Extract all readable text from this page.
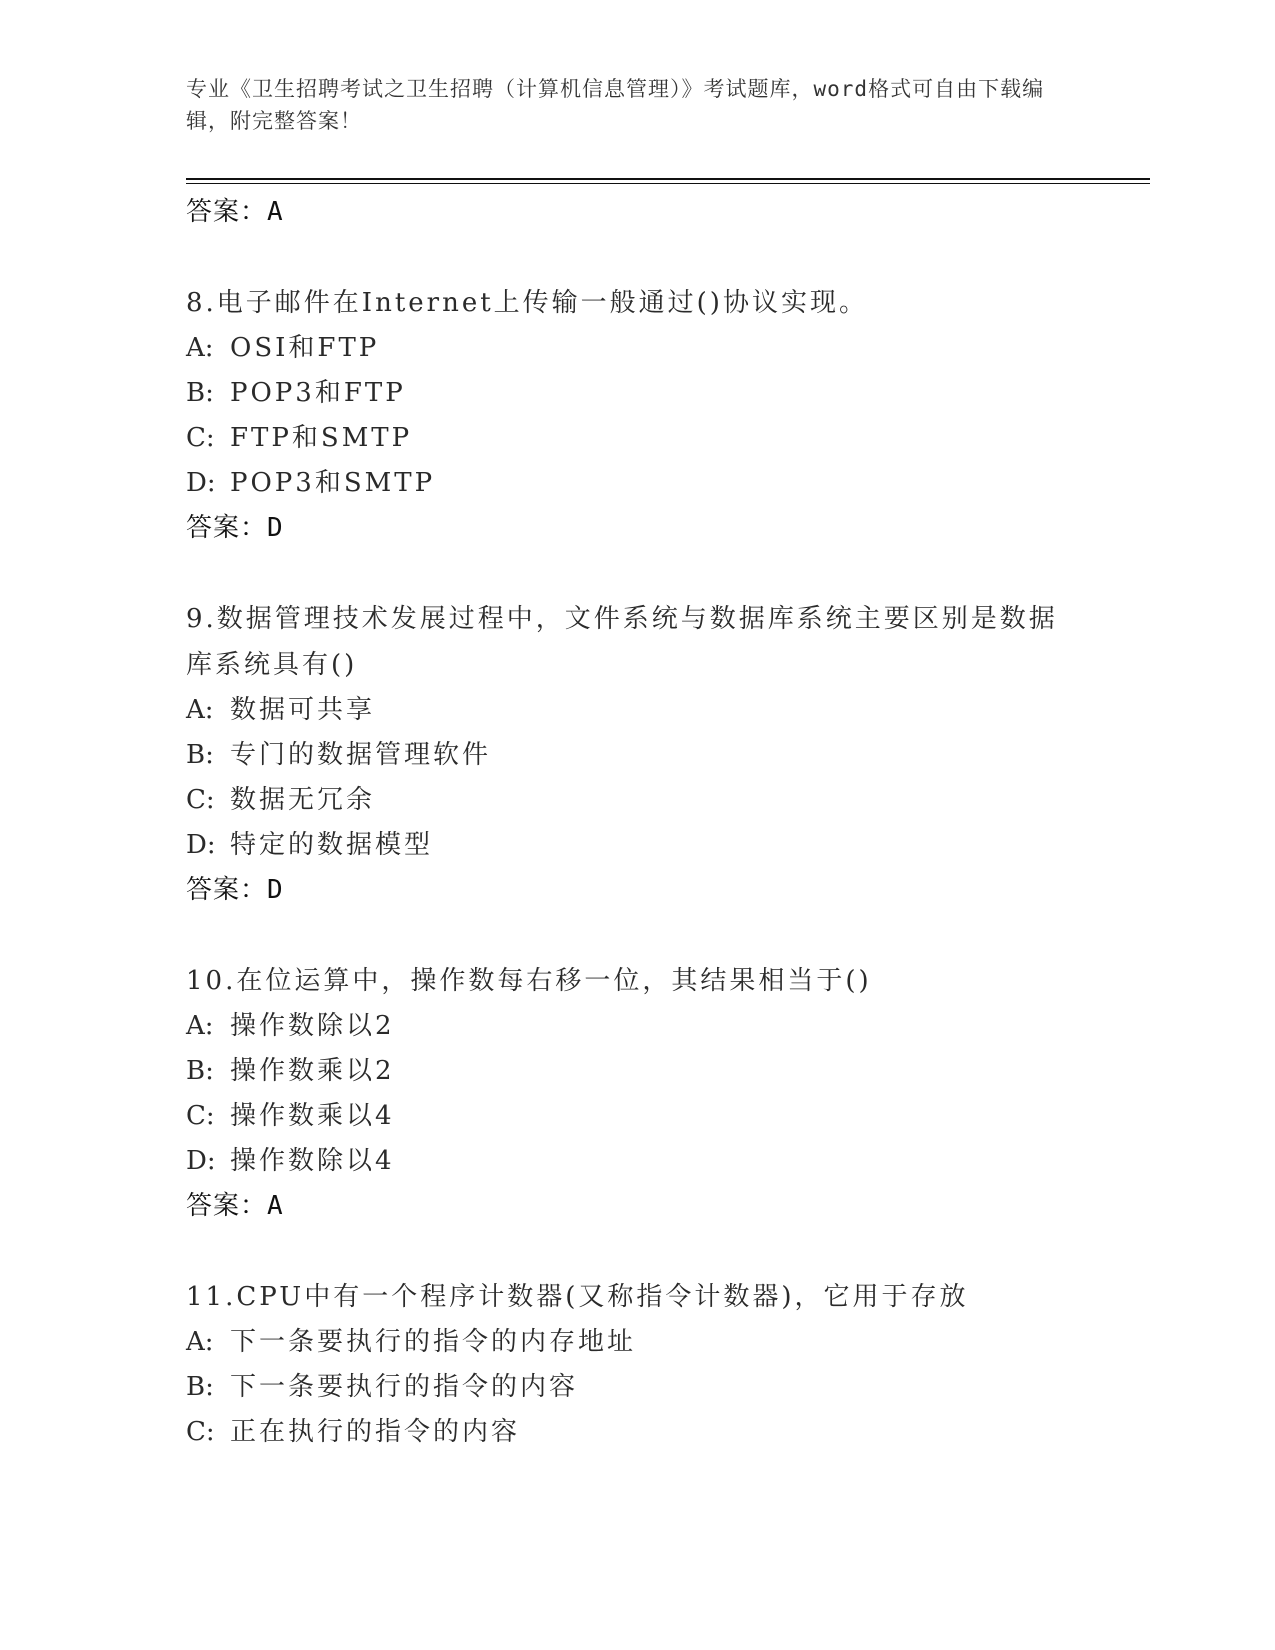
专业《卫生招聘考试之卫生招聘（计算机信息管理）》考试题库，word格式可自由下载编辑，附完整答案！
答案：A
8.电子邮件在Internet上传输一般通过()协议实现。
A: OSI和FTP
B: POP3和FTP
C: FTP和SMTP
D: POP3和SMTP
答案：D
9.数据管理技术发展过程中，文件系统与数据库系统主要区别是数据库系统具有()
A: 数据可共享
B: 专门的数据管理软件
C: 数据无冗余
D: 特定的数据模型
答案：D
10.在位运算中，操作数每右移一位，其结果相当于()
A: 操作数除以2
B: 操作数乘以2
C: 操作数乘以4
D: 操作数除以4
答案：A
11.CPU中有一个程序计数器(又称指令计数器)，它用于存放
A: 下一条要执行的指令的内存地址
B: 下一条要执行的指令的内容
C: 正在执行的指令的内容
